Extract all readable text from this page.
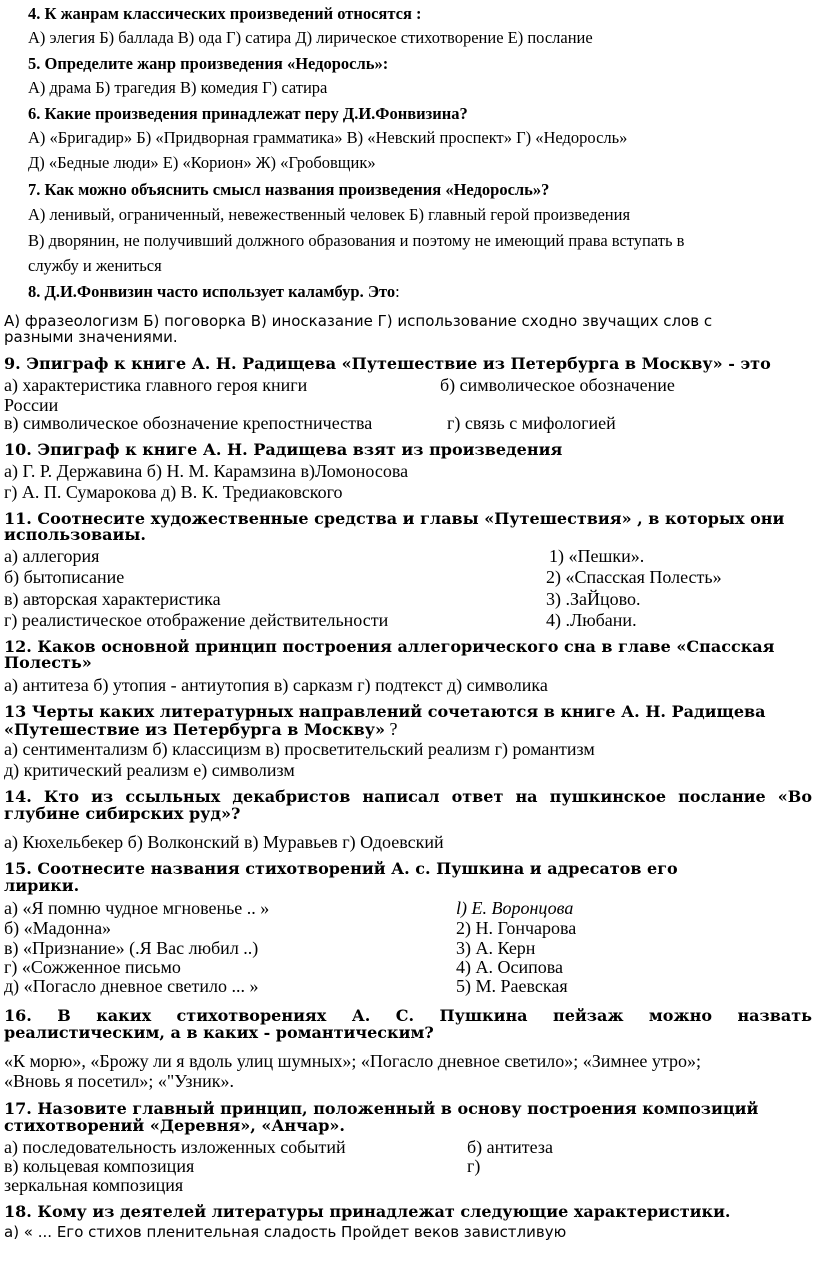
4. К жанрам классических произведений относятся :
А) элегия Б) баллада В) ода Г) сатира Д) лирическое стихотворение Е) послание
5. Определите жанр произведения «Недоросль»:
А) драма Б) трагедия В) комедия Г) сатира
6. Какие произведения принадлежат перу Д.И.Фонвизина?
А) «Бригадир» Б) «Придворная грамматика» В) «Невский проспект» Г) «Недоросль»
Д) «Бедные люди» Е) «Корион» Ж) «Гробовщик»
7. Как можно объяснить смысл названия произведения «Недоросль»?
А) ленивый, ограниченный, невежественный человек Б) главный герой произведения
В) дворянин, не получивший должного образования и поэтому не имеющий права вступать в
службу и жениться
8. Д.И.Фонвизин часто использует каламбур. Это:
А) фразеологизм Б) поговорка В) иносказание Г) использование сходно звучащих слов с
разными значениями.
9. Эпиграф к книге А. Н. Радищева «Путешествие из Петербурга в Москву» - это
а) характеристика главного героя книги	б) символическое обозначение
России
в) символическое обозначение крепостничества	г) связь с мифологией
10. Эпиграф к книге А. Н. Радищева взят из произведения
а) Г. Р. Державина б) Н. М. Карамзина в)Ломоносова
г) А. П. Сумарокова д) В. К. Тредиаковского
11. Соотнесите художественные средства и главы «Путешествия» , в которых они
использоваиы.
а) аллегория	1) «Пешки».
б) бытописание	2) «Спасская Полесть»
в) авторская характеристика	3) .ЗаЙцово.
г) реалистическое отображение действительности	4) .Любани.
12. Каков основной принцип построения аллегорического сна в главе «Спасская
Полесть»
а) антитеза б) утопия - антиутопия в) сарказм г) подтекст д) символика
13 Черты каких литературных направлений сочетаются в книге А. Н. Радищева
«Путешествие из Петербурга в Москву» ?
а) сентиментализм б) классицизм в) просветительский реализм г) романтизм
д) критический реализм е) символизм
14. Кто из ссыльных декабристов написал ответ на пушкинское послание «Во
глубине сибирских руд»?
а) Кюхельбекер б) Волконский в) Муравьев г) Одоевский
15. Соотнесите названия стихотворений А. с. Пушкина и адресатов его
лирики.
а) «Я помню чудное мгновенье .. »	l) Е. Воронцова
б) «Мадонна»	2) Н. Гончарова
в) «Признание» (.Я Вас любил ..)	3) А. Керн
г) «Сожженное письмо	4) А. Осипова
д) «Погасло дневное светило ... »	5) М. Раевская
16. В каких стихотворениях А. С. Пушкина пейзаж можно назвать
реалистическим, а в каких - романтическим?
«К морю», «Брожу ли я вдоль улиц шумных»; «Погасло дневное светило»; «Зимнее утро»;
«Вновь я посетил»; «"Узник».
17. Назовите главный принцип, положенный в основу построения композиций
стихотворений «Деревня», «Анчар».
а) последовательность изложенных событий	б) антитеза
в) кольцевая композиция	г)
зеркальная композиция
18. Кому из деятелей литературы принадлежат следующие характеристики.
а) « ... Его стихов пленительная сладость Пройдет веков завистливую
